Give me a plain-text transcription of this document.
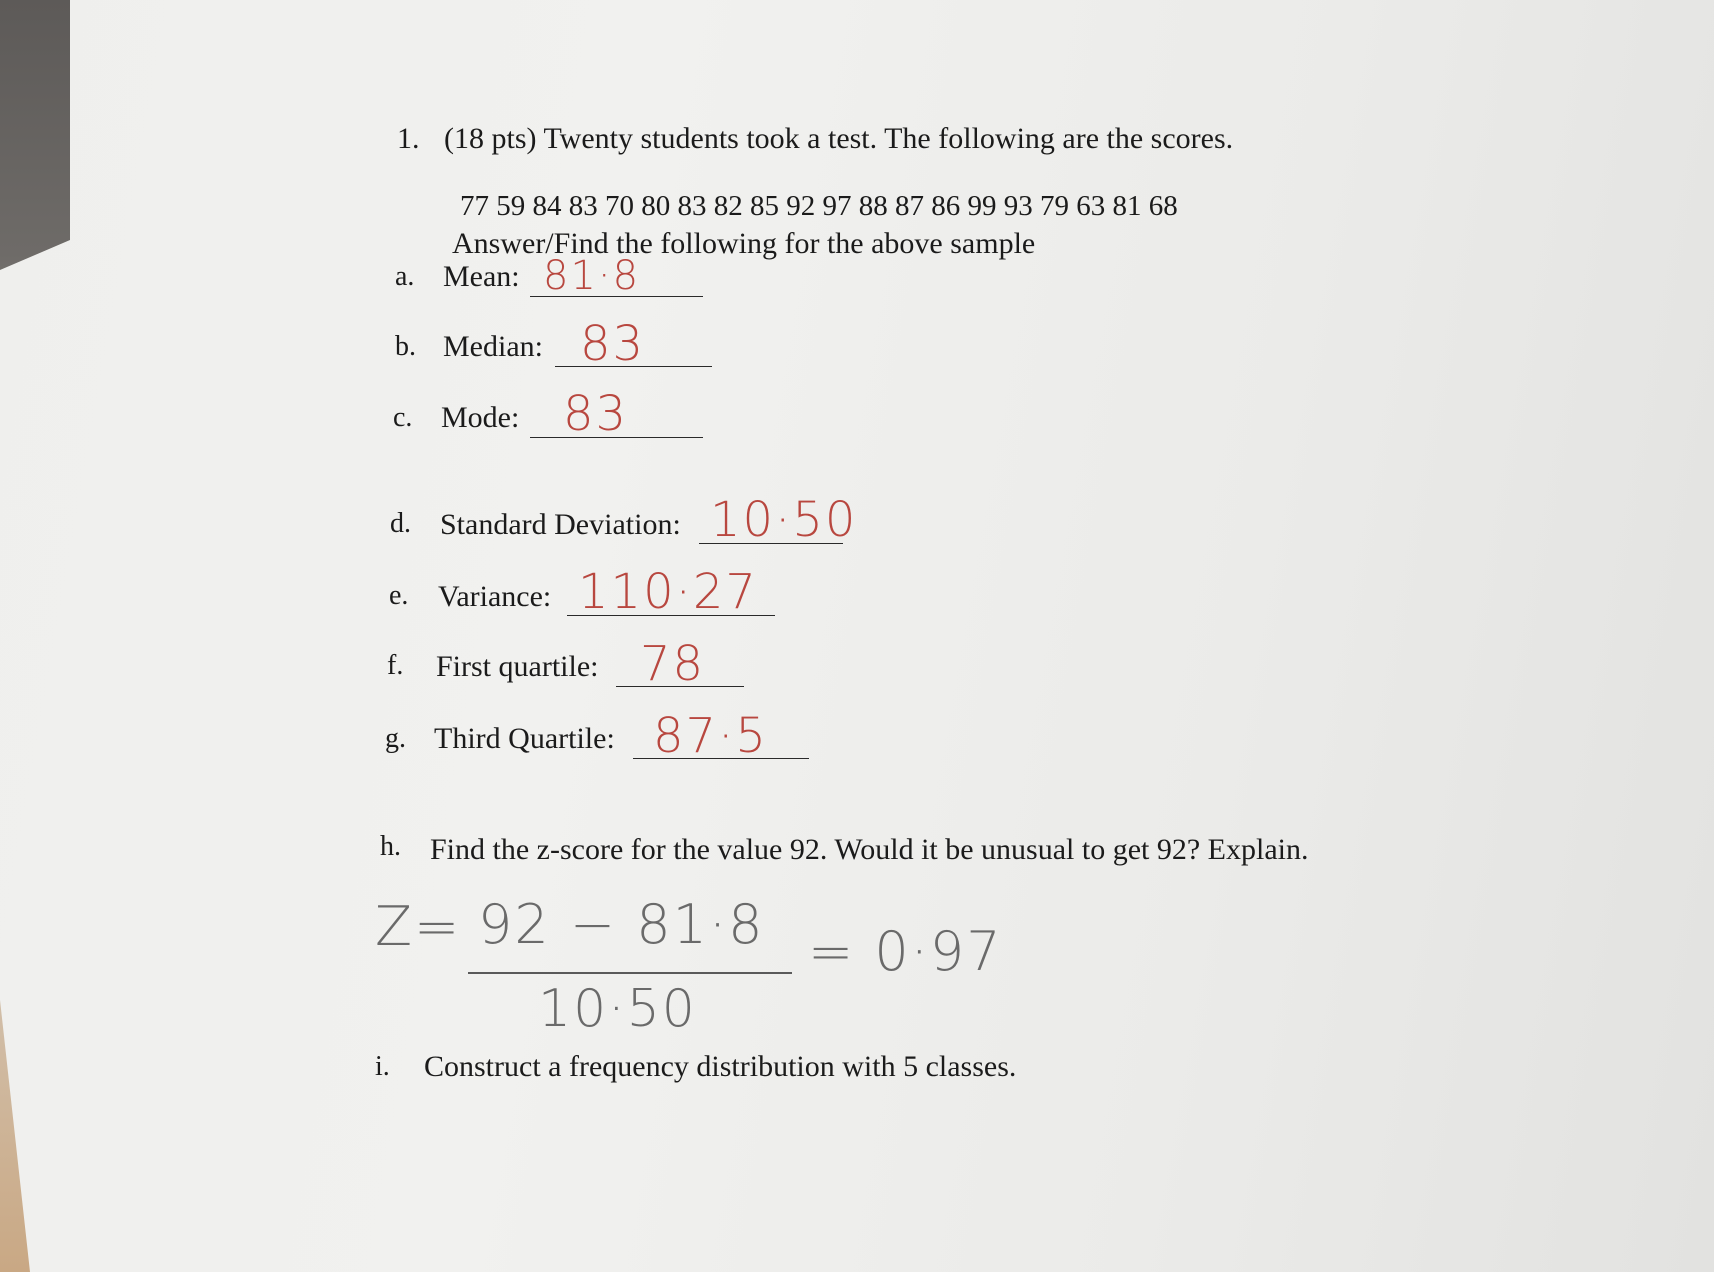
1. (18 pts) Twenty students took a test. The following are the scores.
77 59 84 83 70 80 83 82 85 92 97 88 87 86 99 93 79 63 81 68
Answer/Find the following for the above sample
a. Mean: 81·8
b. Median: 83
c. Mode: 83
d. Standard Deviation: 10·50
e. Variance: 110·27
f. First quartile: 78
g. Third Quartile: 87·5
h. Find the z-score for the value 92. Would it be unusual to get 92? Explain.
Z= 92 − 81·8
10·50
= 0·97
i. Construct a frequency distribution with 5 classes.
